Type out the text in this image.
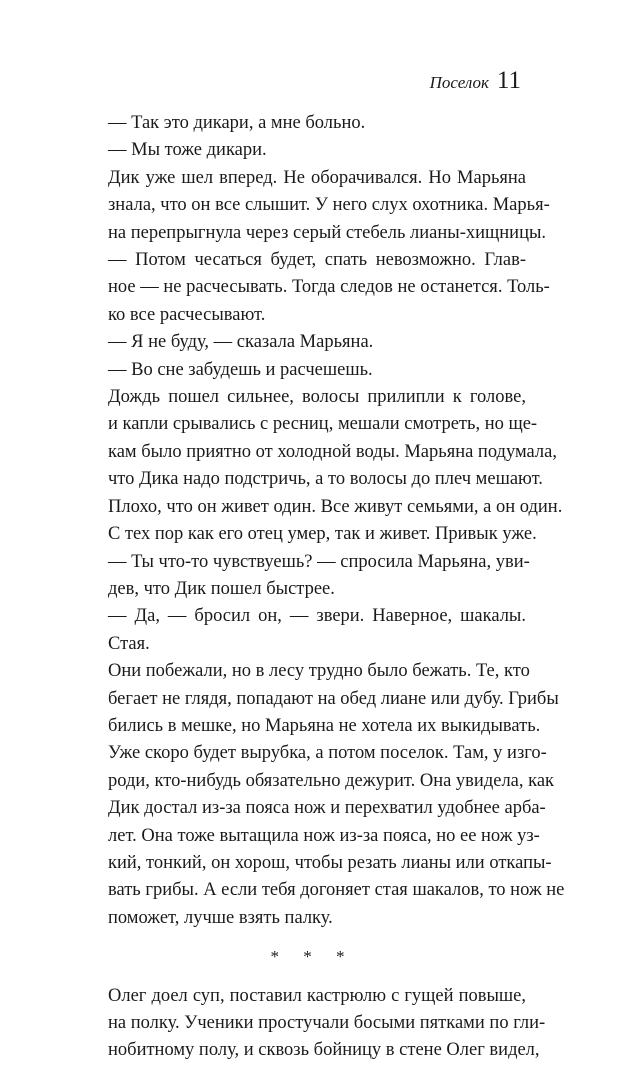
Поселок 11

— Так это дикари, а мне больно.

— Мы тоже дикари.

Дик уже шел вперед. Не оборачивался. Но Марьяна
знала, что он все слышит. У него слух охотника. Марья-
на перепрыгнула через серый стебель лианы-хищницы.

— Потом чесаться будет, спать невозможно. Глав-
ное — не расчесывать. Тогда следов не останется. Толь-
ко все расчесывают.

— Я не буду, — сказала Марьяна.

— Во сне забудешь и расчешешь.

Дождь пошел сильнее, волосы прилипли к голове,
и капли срывались с ресниц, мешали смотреть, но ще-
кам было приятно от холодной воды. Марьяна подумала,
что Дика надо подстричь, а то волосы до плеч мешают.
Плохо, что он живет один. Все живут семьями, а он один.
С тех пор как его отец умер, так и живет. Привык уже.

— Ты что-то чувствуешь? — спросила Марьяна, уви-
дев, что Дик пошел быстрее.

— Да, — бросил он, — звери. Наверное, шакалы.
Стая.

Они побежали, но в лесу трудно было бежать. Те, кто
бегает не глядя, попадают на обед лиане или дубу. Грибы
бились в мешке, но Марьяна не хотела их выкидывать.
Уже скоро будет вырубка, а потом поселок. Там, у изго-
роди, кто-нибудь обязательно дежурит. Она увидела, как
Дик достал из-за пояса нож и перехватил удобнее арба-
лет. Она тоже вытащила нож из-за пояса, но ее нож уз-
кий, тонкий, он хорош, чтобы резать лианы или откапы-
вать грибы. А если тебя догоняет стая шакалов, то нож не
поможет, лучше взять палку.

* * *

Олег доел суп, поставил кастрюлю с гущей повыше,
на полку. Ученики простучали босыми пятками по гли-
нобитному полу, и сквозь бойницу в стене Олег видел,
